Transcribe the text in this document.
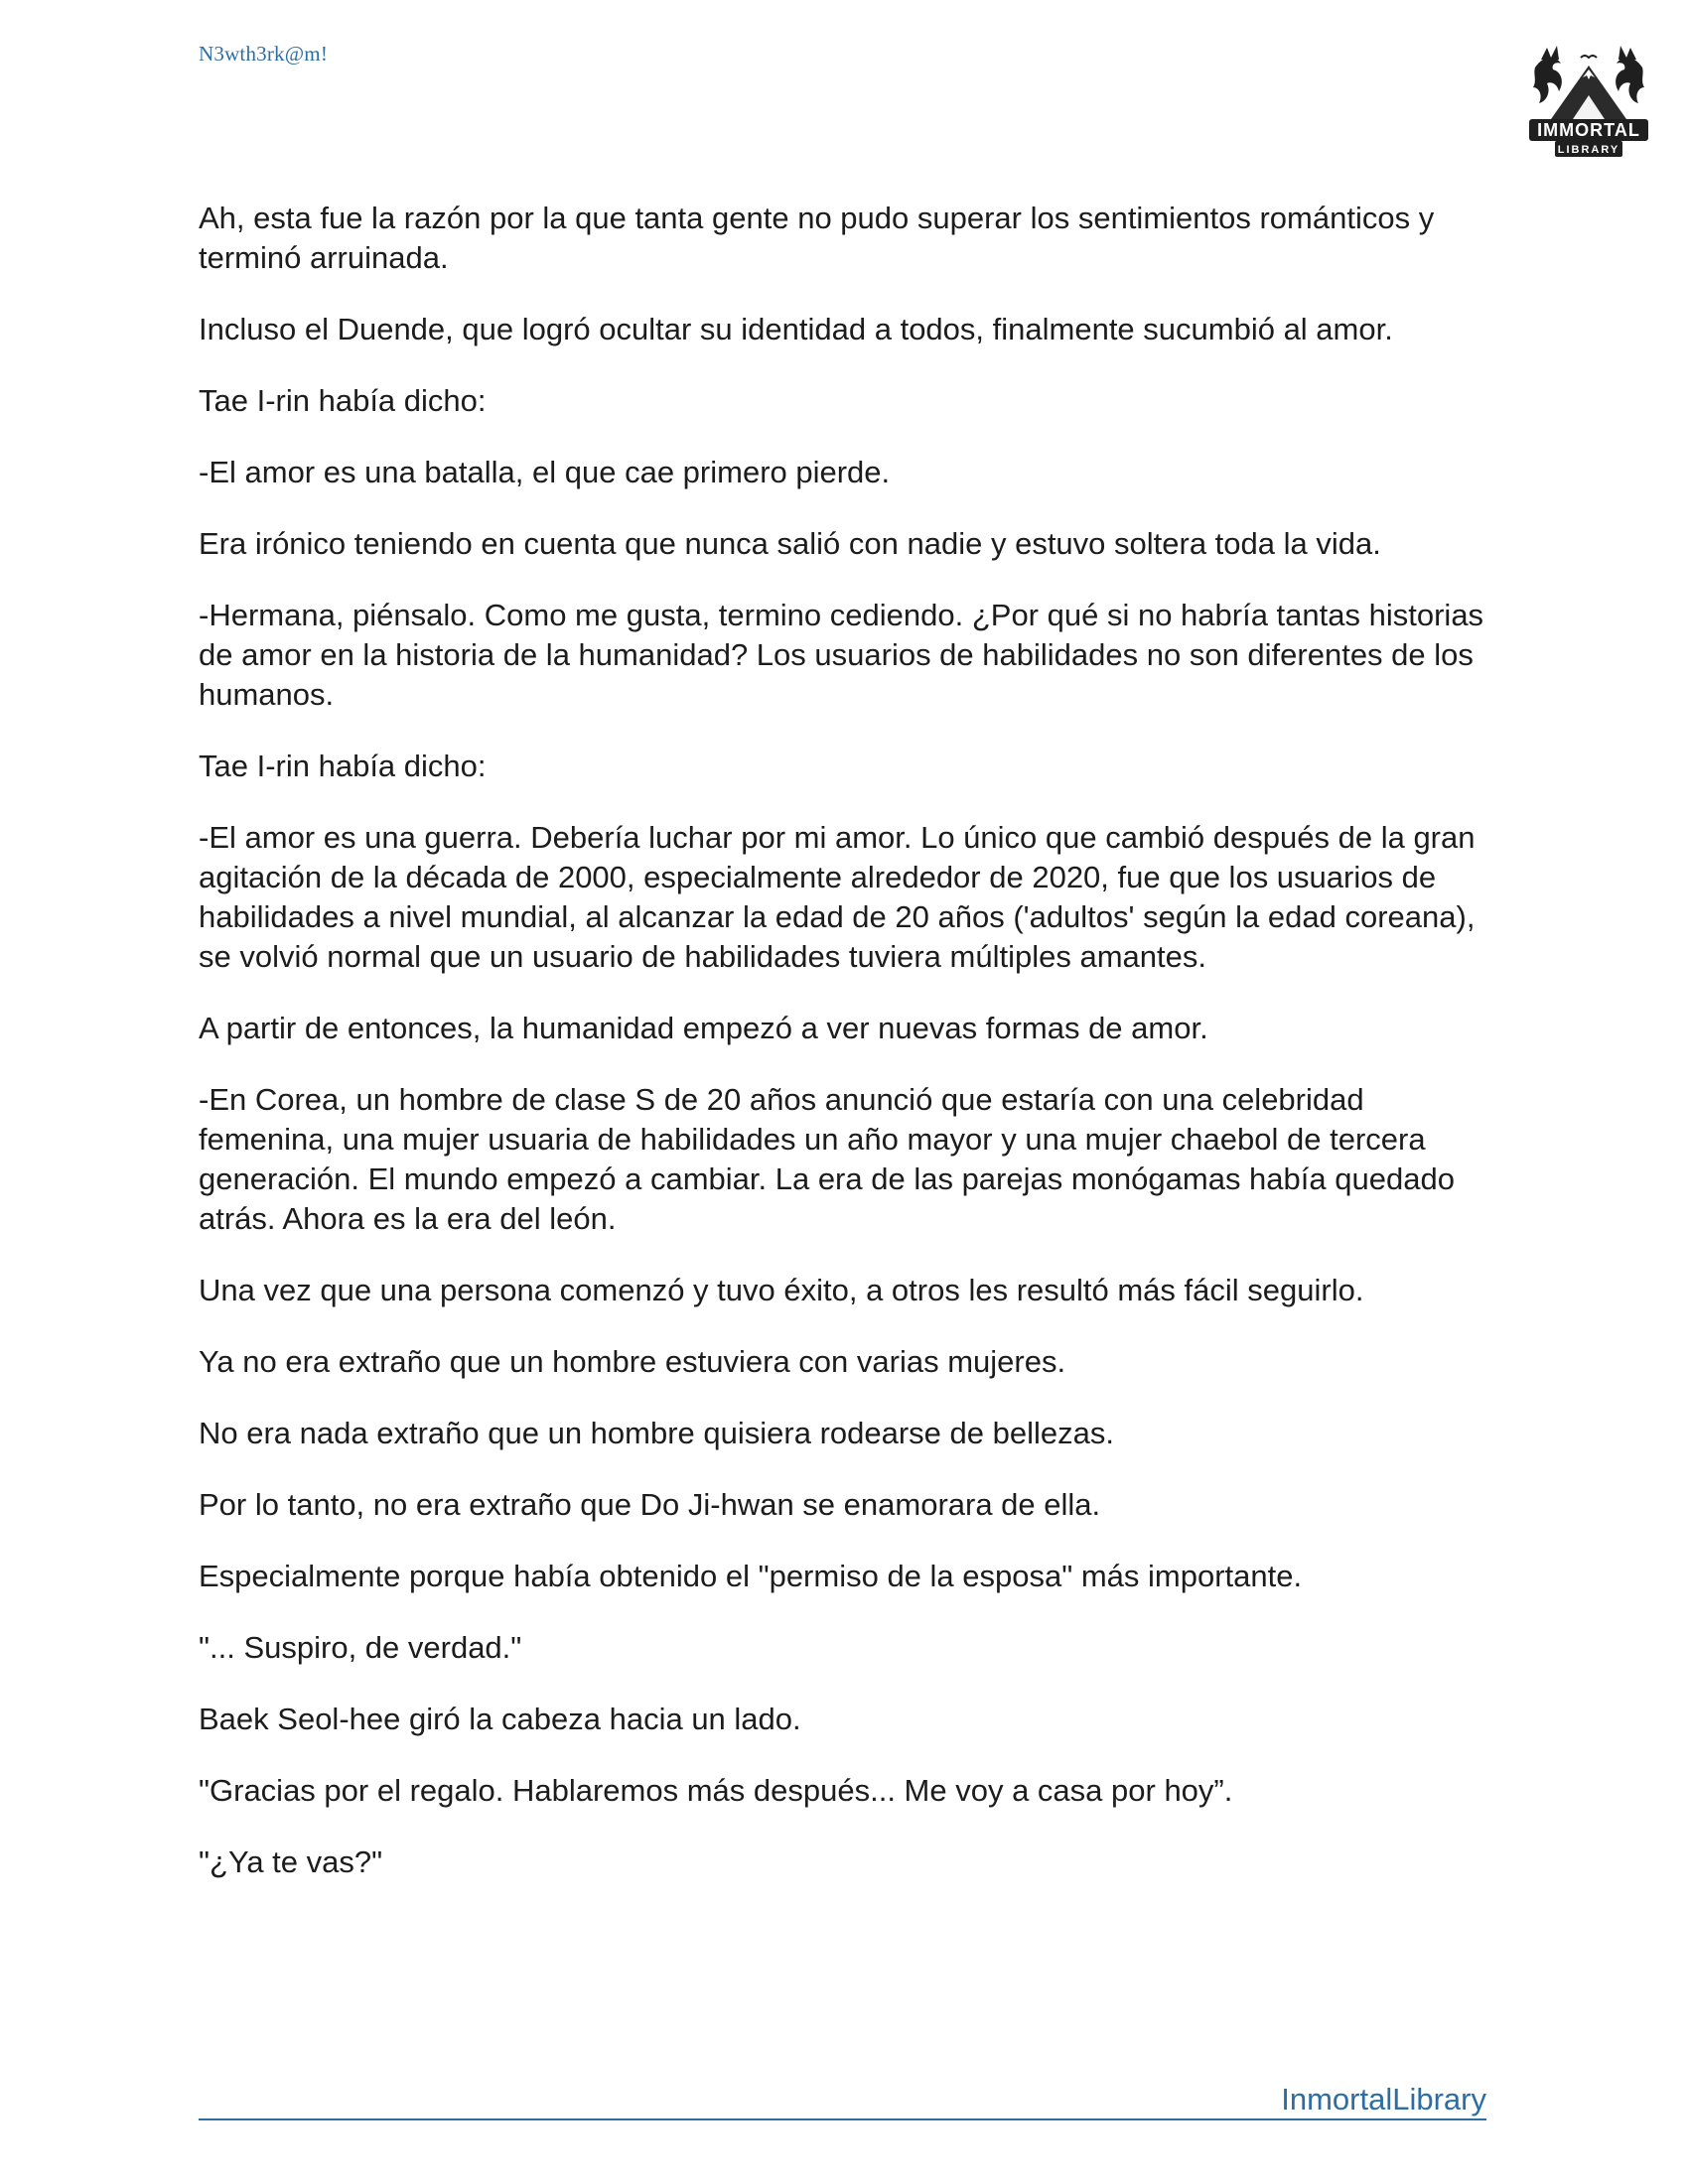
N3wth3rk@m!
IMMORTAL
LIBRARY

Ah, esta fue la razón por la que tanta gente no pudo superar los sentimientos románticos y terminó arruinada.

Incluso el Duende, que logró ocultar su identidad a todos, finalmente sucumbió al amor.

Tae I-rin había dicho:

-El amor es una batalla, el que cae primero pierde.

Era irónico teniendo en cuenta que nunca salió con nadie y estuvo soltera toda la vida.

-Hermana, piénsalo. Como me gusta, termino cediendo. ¿Por qué si no habría tantas historias de amor en la historia de la humanidad? Los usuarios de habilidades no son diferentes de los humanos.

Tae I-rin había dicho:

-El amor es una guerra. Debería luchar por mi amor. Lo único que cambió después de la gran agitación de la década de 2000, especialmente alrededor de 2020, fue que los usuarios de habilidades a nivel mundial, al alcanzar la edad de 20 años ('adultos' según la edad coreana), se volvió normal que un usuario de habilidades tuviera múltiples amantes.

A partir de entonces, la humanidad empezó a ver nuevas formas de amor.

-En Corea, un hombre de clase S de 20 años anunció que estaría con una celebridad femenina, una mujer usuaria de habilidades un año mayor y una mujer chaebol de tercera generación. El mundo empezó a cambiar. La era de las parejas monógamas había quedado atrás. Ahora es la era del león.

Una vez que una persona comenzó y tuvo éxito, a otros les resultó más fácil seguirlo.

Ya no era extraño que un hombre estuviera con varias mujeres.

No era nada extraño que un hombre quisiera rodearse de bellezas.

Por lo tanto, no era extraño que Do Ji-hwan se enamorara de ella.

Especialmente porque había obtenido el "permiso de la esposa" más importante.

"... Suspiro, de verdad."

Baek Seol-hee giró la cabeza hacia un lado.

"Gracias por el regalo. Hablaremos más después... Me voy a casa por hoy”.

"¿Ya te vas?"

InmortalLibrary
